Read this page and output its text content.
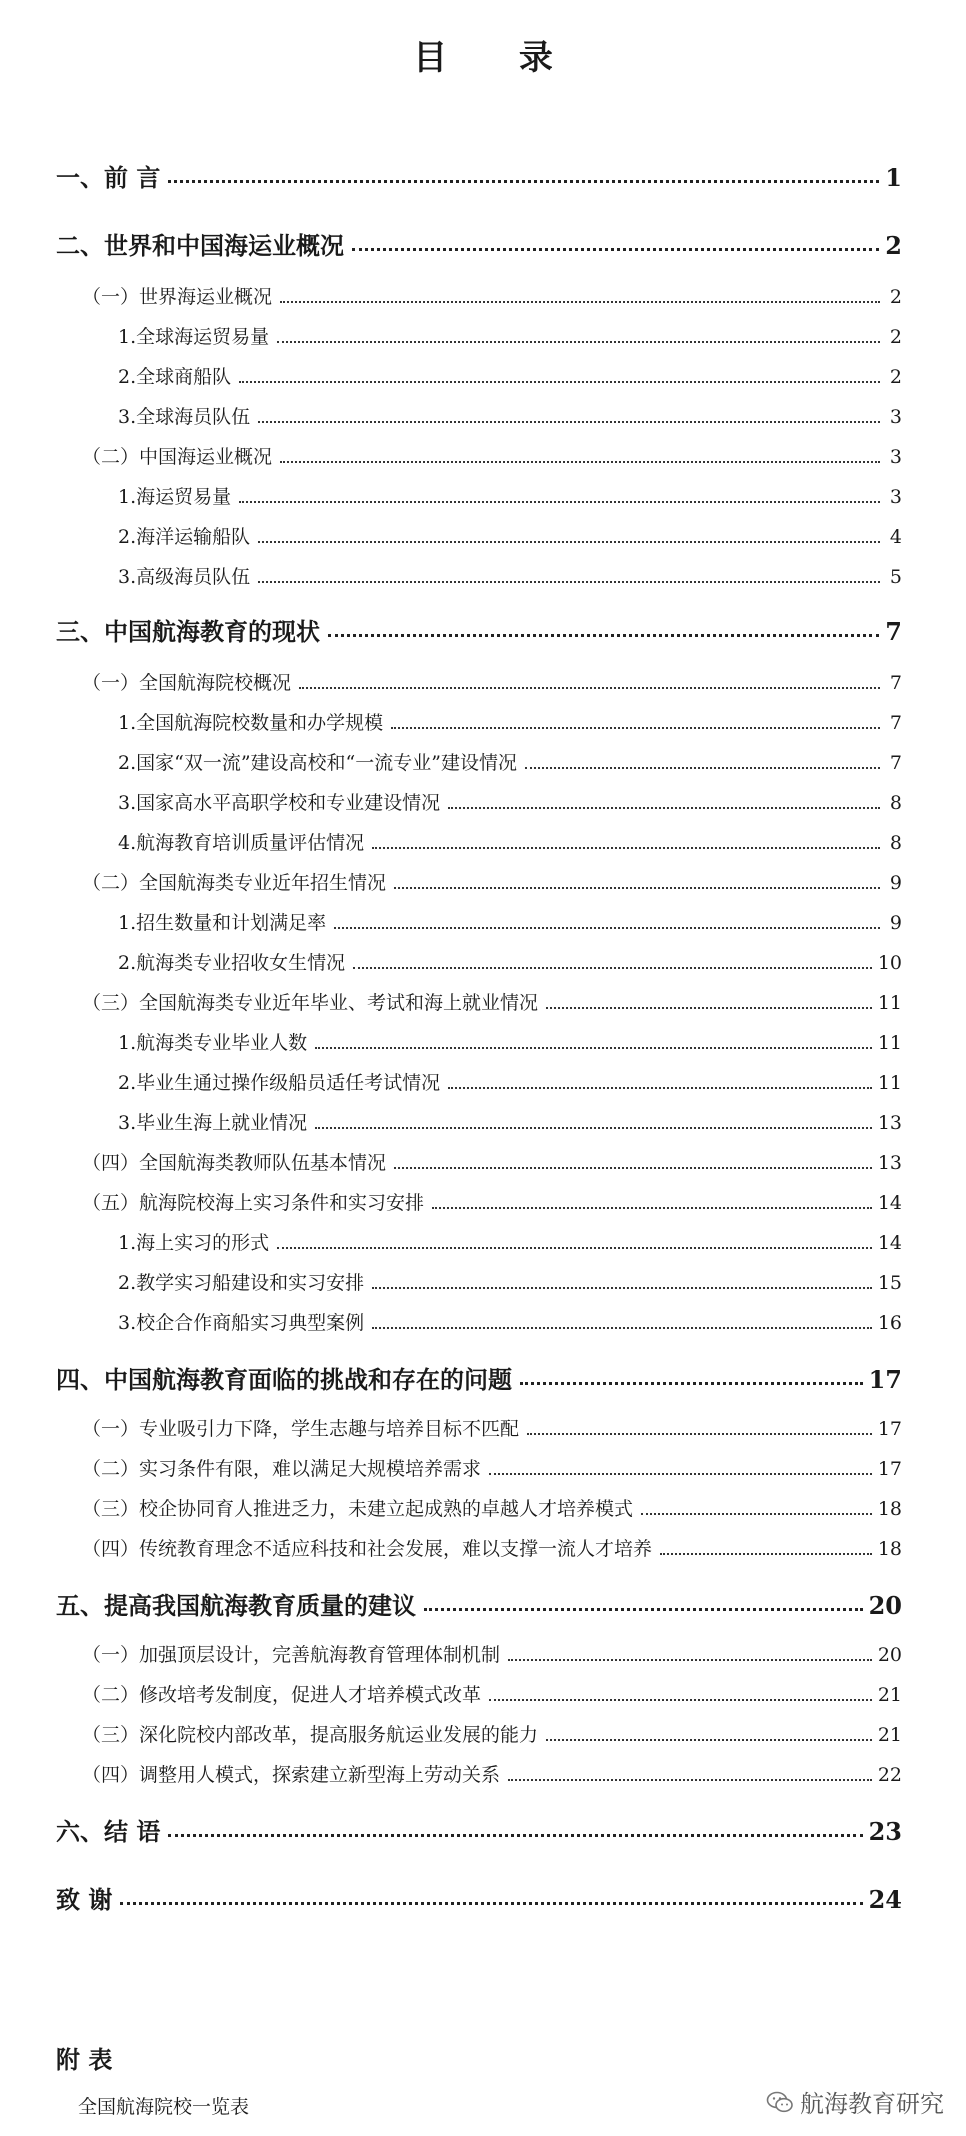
目 录
一、前 言	1
二、世界和中国海运业概况	2
（一）世界海运业概况	2
1.全球海运贸易量	2
2.全球商船队	2
3.全球海员队伍	3
（二）中国海运业概况	3
1.海运贸易量	3
2.海洋运输船队	4
3.高级海员队伍	5
三、中国航海教育的现状	7
（一）全国航海院校概况	7
1.全国航海院校数量和办学规模	7
2.国家“双一流”建设高校和“一流专业”建设情况	7
3.国家高水平高职学校和专业建设情况	8
4.航海教育培训质量评估情况	8
（二）全国航海类专业近年招生情况	9
1.招生数量和计划满足率	9
2.航海类专业招收女生情况	10
（三）全国航海类专业近年毕业、考试和海上就业情况	11
1.航海类专业毕业人数	11
2.毕业生通过操作级船员适任考试情况	11
3.毕业生海上就业情况	13
（四）全国航海类教师队伍基本情况	13
（五）航海院校海上实习条件和实习安排	14
1.海上实习的形式	14
2.教学实习船建设和实习安排	15
3.校企合作商船实习典型案例	16
四、中国航海教育面临的挑战和存在的问题	17
（一）专业吸引力下降，学生志趣与培养目标不匹配	17
（二）实习条件有限，难以满足大规模培养需求	17
（三）校企协同育人推进乏力，未建立起成熟的卓越人才培养模式	18
（四）传统教育理念不适应科技和社会发展，难以支撑一流人才培养	18
五、提高我国航海教育质量的建议	20
（一）加强顶层设计，完善航海教育管理体制机制	20
（二）修改培考发制度，促进人才培养模式改革	21
（三）深化院校内部改革，提高服务航运业发展的能力	21
（四）调整用人模式，探索建立新型海上劳动关系	22
六、结 语	23
致 谢	24
附 表
全国航海院校一览表	航海教育研究
